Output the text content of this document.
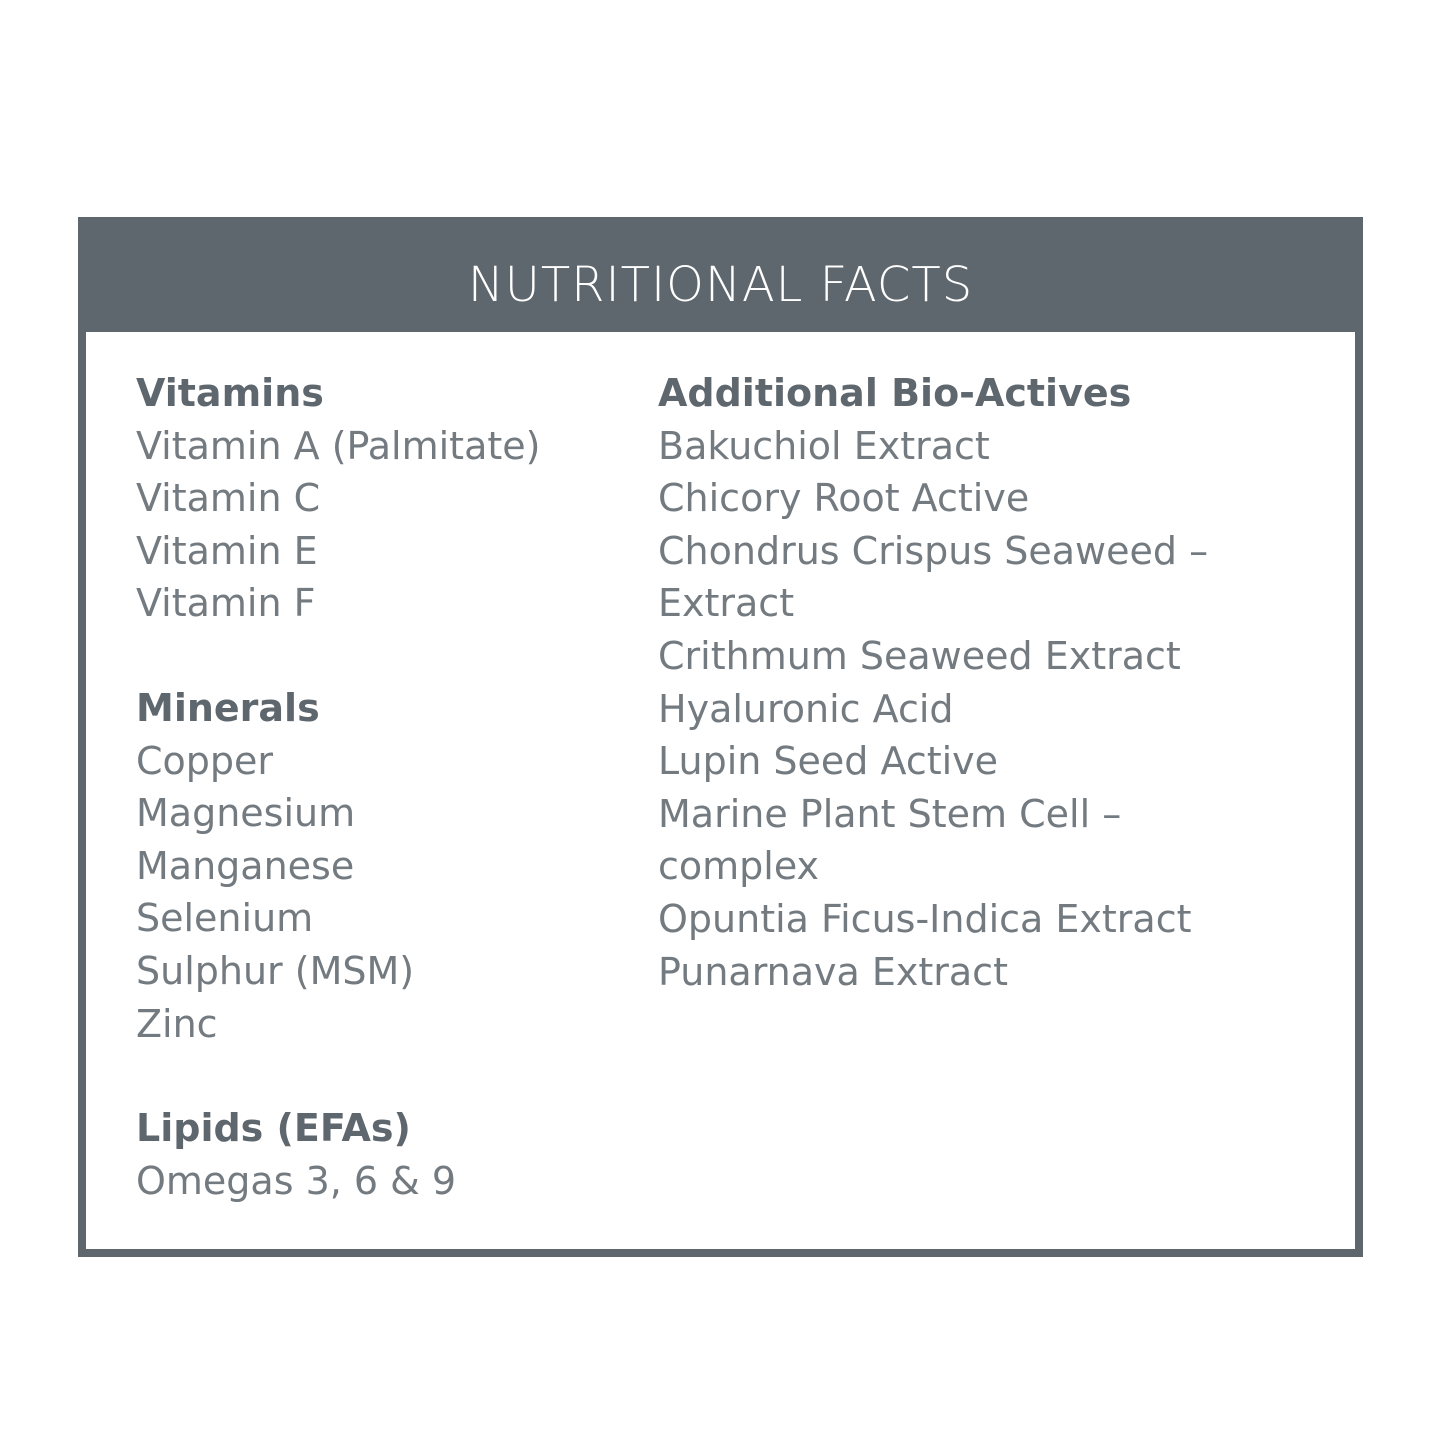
NUTRITIONAL FACTS
Vitamins
Vitamin A (Palmitate)
Vitamin C
Vitamin E
Vitamin F
Minerals
Copper
Magnesium
Manganese
Selenium
Sulphur (MSM)
Zinc
Lipids (EFAs)
Omegas 3, 6 & 9
Additional Bio-Actives
Bakuchiol Extract
Chicory Root Active
Chondrus Crispus Seaweed –
Extract
Crithmum Seaweed Extract
Hyaluronic Acid
Lupin Seed Active
Marine Plant Stem Cell –
complex
Opuntia Ficus-Indica Extract
Punarnava Extract
